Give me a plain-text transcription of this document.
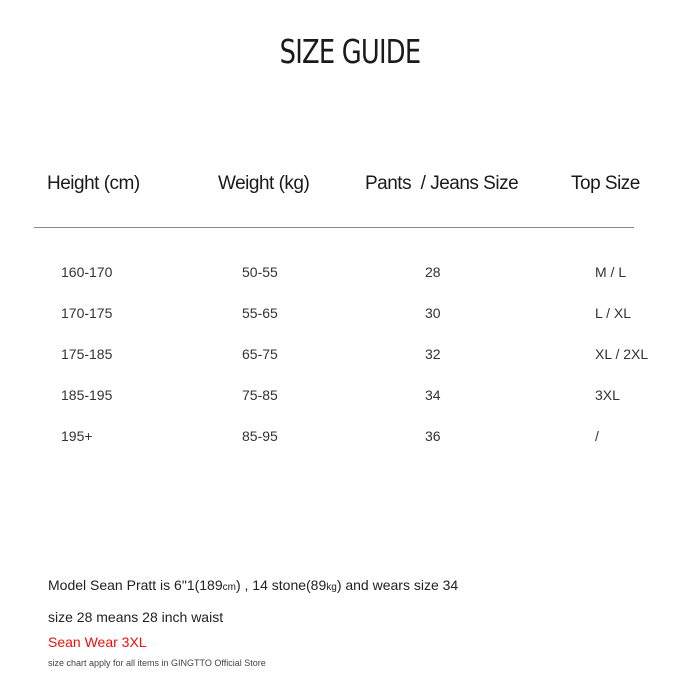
SIZE GUIDE
Height (cm)	Weight (kg)	Pants  / Jeans Size	Top Size
160-170	50-55	28	M / L
170-175	55-65	30	L / XL
175-185	65-75	32	XL / 2XL
185-195	75-85	34	3XL
195+	85-95	36	/
Model Sean Pratt is 6"1(189cm) , 14 stone(89kg) and wears size 34
size 28 means 28 inch waist
Sean Wear 3XL
size chart apply for all items in GINGTTO Official Store
